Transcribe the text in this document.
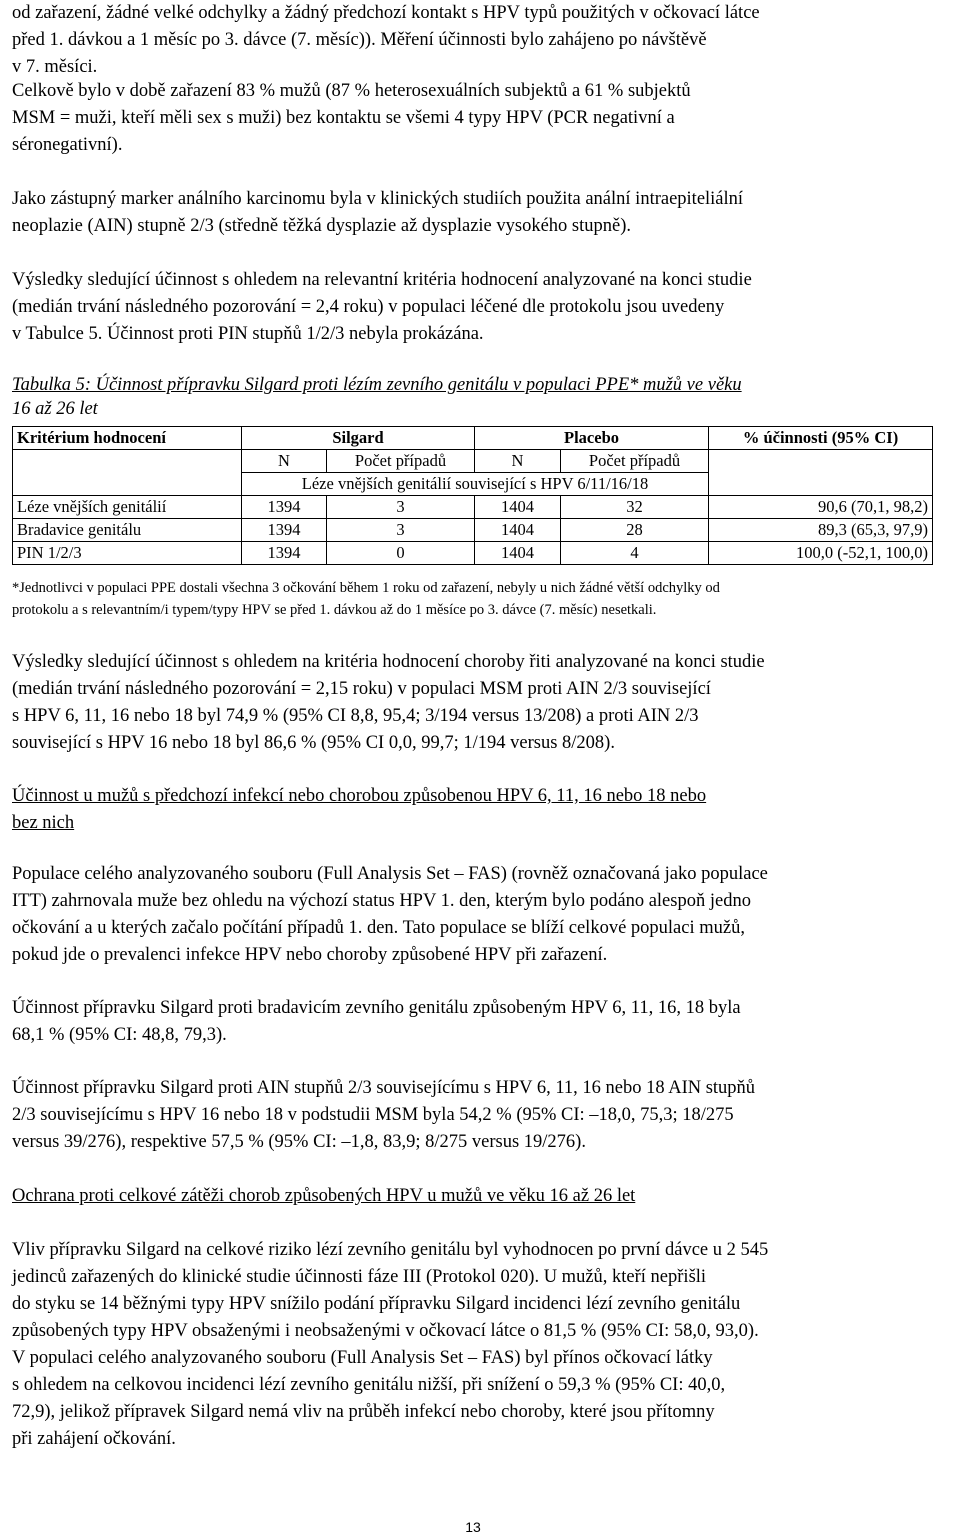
od zařazení, žádné velké odchylky a žádný předchozí kontakt s HPV typů použitých v očkovací látce
před 1. dávkou a 1 měsíc po 3. dávce (7. měsíc)). Měření účinnosti bylo zahájeno po návštěvě
v 7. měsíci.

Celkově bylo v době zařazení 83 % mužů (87 % heterosexuálních subjektů a 61 % subjektů
MSM = muži, kteří měli sex s muži) bez kontaktu se všemi 4 typy HPV (PCR negativní a
séronegativní).

Jako zástupný marker análního karcinomu byla v klinických studiích použita anální intraepiteliální
neoplazie (AIN) stupně 2/3 (středně těžká dysplazie až dysplazie vysokého stupně).

Výsledky sledující účinnost s ohledem na relevantní kritéria hodnocení analyzované na konci studie
(medián trvání následného pozorování = 2,4 roku) v populaci léčené dle protokolu jsou uvedeny
v Tabulce 5. Účinnost proti PIN stupňů 1/2/3 nebyla prokázána.

Tabulka 5: Účinnost přípravku Silgard proti lézím zevního genitálu v populaci PPE* mužů ve věku
16 až 26 let
Kritérium hodnocení	Silgard		Placebo		% účinnosti (95% CI)
	N	Počet případů	N	Počet případů	
	Léze vnějších genitálií související s HPV 6/11/16/18				
Léze vnějších genitálií	1394	3	1404	32	90,6 (70,1, 98,2)
Bradavice genitálu	1394	3	1404	28	89,3 (65,3, 97,9)
PIN 1/2/3	1394	0	1404	4	100,0 (-52,1, 100,0)
*Jednotlivci v populaci PPE dostali všechna 3 očkování během 1 roku od zařazení, nebyly u nich žádné větší odchylky od
protokolu a s relevantním/i typem/typy HPV se před 1. dávkou až do 1 měsíce po 3. dávce (7. měsíc) nesetkali.

Výsledky sledující účinnost s ohledem na kritéria hodnocení choroby řiti analyzované na konci studie
(medián trvání následného pozorování = 2,15 roku) v populaci MSM proti AIN 2/3 související
s HPV 6, 11, 16 nebo 18 byl 74,9 % (95% CI 8,8, 95,4; 3/194 versus 13/208) a proti AIN 2/3
související s HPV 16 nebo 18 byl 86,6 % (95% CI 0,0, 99,7; 1/194 versus 8/208).

Účinnost u mužů s předchozí infekcí nebo chorobou způsobenou HPV 6, 11, 16 nebo 18 nebo
bez nich

Populace celého analyzovaného souboru (Full Analysis Set ‒ FAS) (rovněž označovaná jako populace
ITT) zahrnovala muže bez ohledu na výchozí status HPV 1. den, kterým bylo podáno alespoň jedno
očkování a u kterých začalo počítání případů 1. den. Tato populace se blíží celkové populaci mužů,
pokud jde o prevalenci infekce HPV nebo choroby způsobené HPV při zařazení.

Účinnost přípravku Silgard proti bradavicím zevního genitálu způsobeným HPV 6, 11, 16, 18 byla
68,1 % (95% CI: 48,8, 79,3).

Účinnost přípravku Silgard proti AIN stupňů 2/3 souvisejícímu s HPV 6, 11, 16 nebo 18 AIN stupňů
2/3 souvisejícímu s HPV 16 nebo 18 v podstudii MSM byla 54,2 % (95% CI: ‒18,0, 75,3; 18/275
versus 39/276), respektive 57,5 % (95% CI: ‒1,8, 83,9; 8/275 versus 19/276).

Ochrana proti celkové zátěži chorob způsobených HPV u mužů ve věku 16 až 26 let

Vliv přípravku Silgard na celkové riziko lézí zevního genitálu byl vyhodnocen po první dávce u 2 545
jedinců zařazených do klinické studie účinnosti fáze III (Protokol 020). U mužů, kteří nepřišli
do styku se 14 běžnými typy HPV snížilo podání přípravku Silgard incidenci lézí zevního genitálu
způsobených typy HPV obsaženými i neobsaženými v očkovací látce o 81,5 % (95% CI: 58,0, 93,0).
V populaci celého analyzovaného souboru (Full Analysis Set ‒ FAS) byl přínos očkovací látky
s ohledem na celkovou incidenci lézí zevního genitálu nižší, při snížení o 59,3 % (95% CI: 40,0,
72,9), jelikož přípravek Silgard nemá vliv na průběh infekcí nebo choroby, které jsou přítomny
při zahájení očkování.

13
